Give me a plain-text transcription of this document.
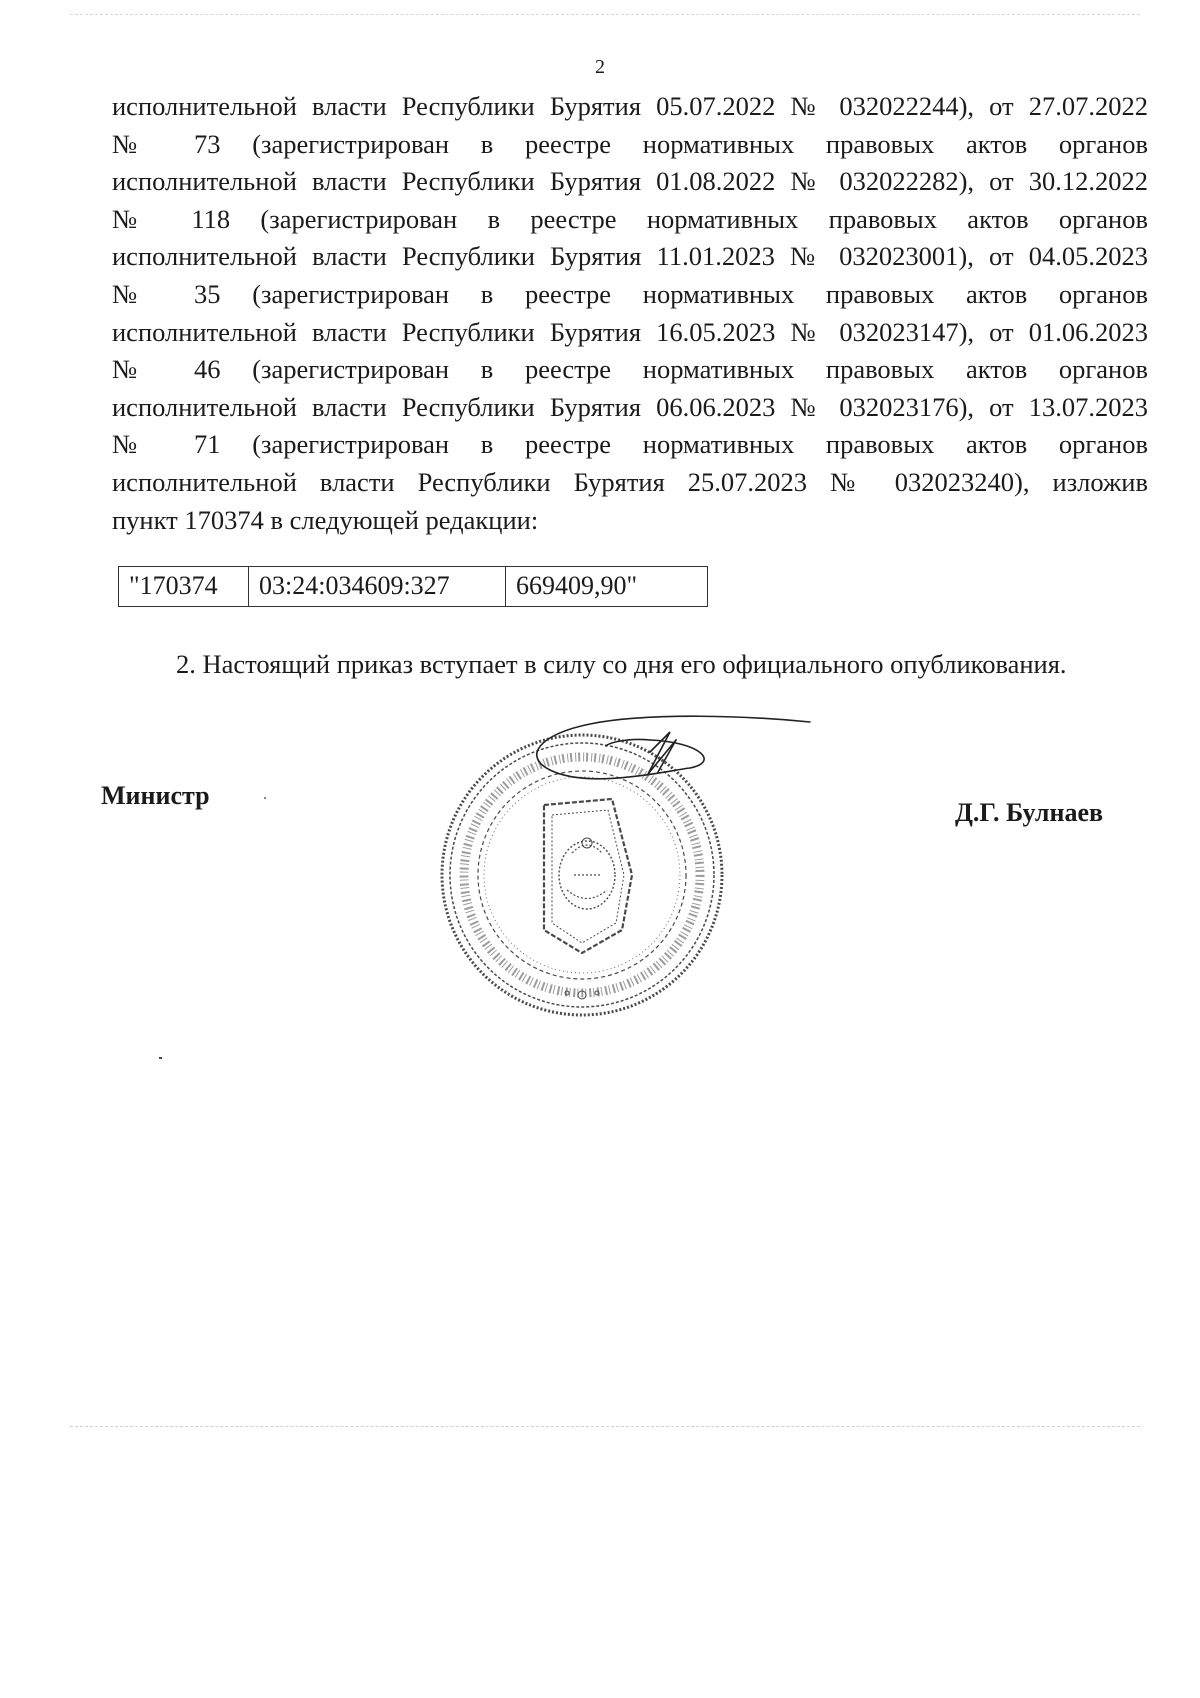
2
исполнительной власти Республики Бурятия 05.07.2022 № 032022244), от 27.07.2022
№ 73 (зарегистрирован в реестре нормативных правовых актов органов
исполнительной власти Республики Бурятия 01.08.2022 № 032022282), от 30.12.2022
№ 118 (зарегистрирован в реестре нормативных правовых актов органов
исполнительной власти Республики Бурятия 11.01.2023 № 032023001), от 04.05.2023
№ 35 (зарегистрирован в реестре нормативных правовых актов органов
исполнительной власти Республики Бурятия 16.05.2023 № 032023147), от 01.06.2023
№ 46 (зарегистрирован в реестре нормативных правовых актов органов
исполнительной власти Республики Бурятия 06.06.2023 № 032023176), от 13.07.2023
№ 71 (зарегистрирован в реестре нормативных правовых актов органов
исполнительной власти Республики Бурятия 25.07.2023 № 032023240), изложив
пункт 170374 в следующей редакции:
"170374	03:24:034609:327	669409,90"
2. Настоящий приказ вступает в силу со дня его официального опубликования.
Министр
Д.Г. Булнаев
